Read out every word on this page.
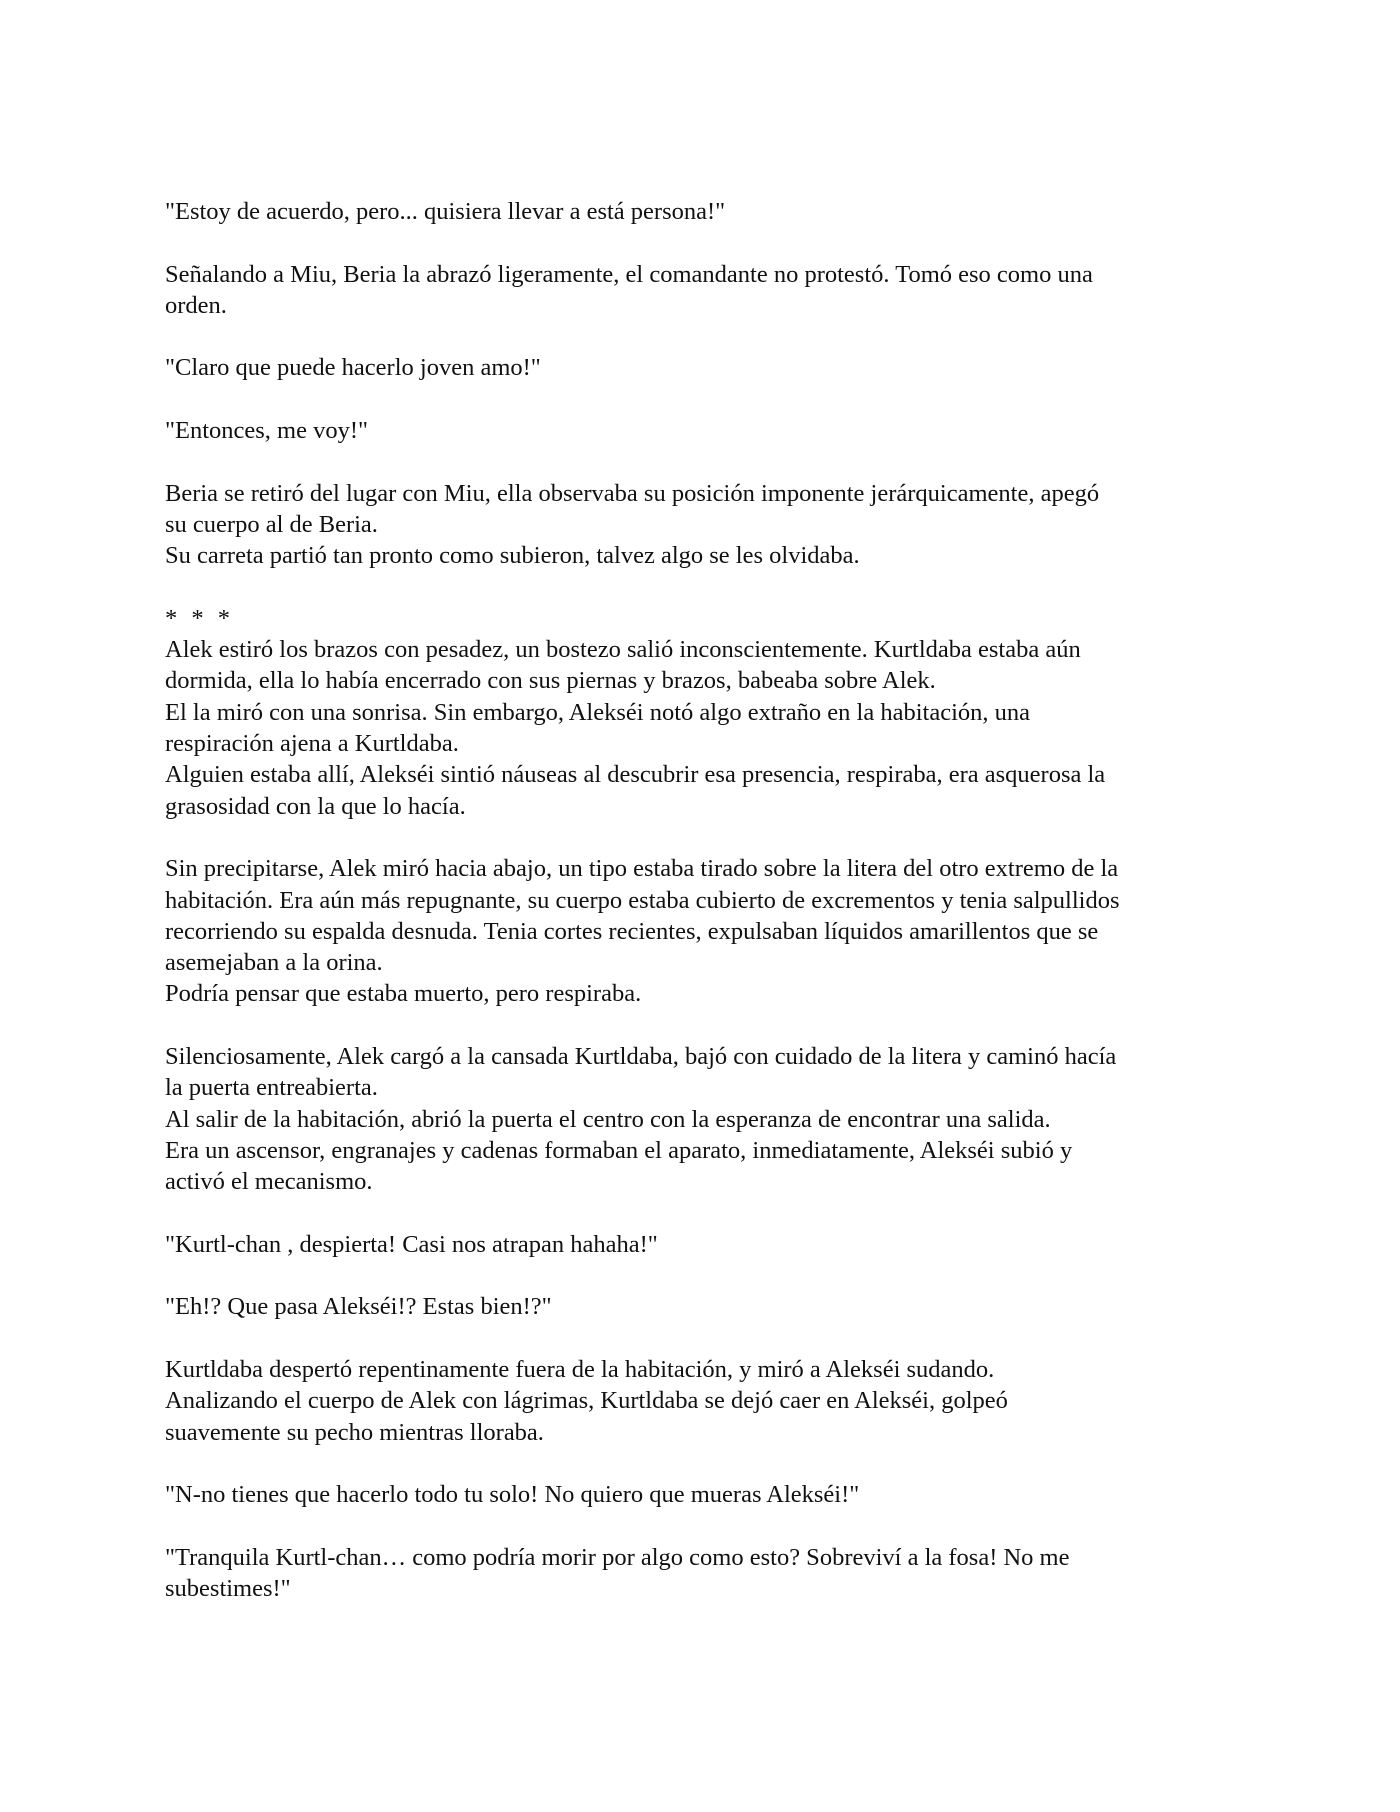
"Estoy de acuerdo, pero... quisiera llevar a está persona!"

Señalando a Miu, Beria la abrazó ligeramente, el comandante no protestó. Tomó eso como una

orden.

"Claro que puede hacerlo joven amo!"

"Entonces, me voy!"

Beria se retiró del lugar con Miu, ella observaba su posición imponente jerárquicamente, apegó

su cuerpo al de Beria.

Su carreta partió tan pronto como subieron, talvez algo se les olvidaba.

* * *

Alek estiró los brazos con pesadez, un bostezo salió inconscientemente. Kurtldaba estaba aún

dormida, ella lo había encerrado con sus piernas y brazos, babeaba sobre Alek.

El la miró con una sonrisa. Sin embargo, Alekséi notó algo extraño en la habitación, una

respiración ajena a Kurtldaba.

Alguien estaba allí, Alekséi sintió náuseas al descubrir esa presencia, respiraba, era asquerosa la

grasosidad con la que lo hacía.

Sin precipitarse, Alek miró hacia abajo, un tipo estaba tirado sobre la litera del otro extremo de la

habitación. Era aún más repugnante, su cuerpo estaba cubierto de excrementos y tenia salpullidos

recorriendo su espalda desnuda. Tenia cortes recientes, expulsaban líquidos amarillentos que se

asemejaban a la orina.

Podría pensar que estaba muerto, pero respiraba.

Silenciosamente, Alek cargó a la cansada Kurtldaba, bajó con cuidado de la litera y caminó hacía

la puerta entreabierta.

Al salir de la habitación, abrió la puerta el centro con la esperanza de encontrar una salida.

Era un ascensor, engranajes y cadenas formaban el aparato, inmediatamente, Alekséi subió y

activó el mecanismo.

"Kurtl-chan , despierta! Casi nos atrapan hahaha!"

"Eh!? Que pasa Alekséi!? Estas bien!?"

Kurtldaba despertó repentinamente fuera de la habitación, y miró a Alekséi sudando.

Analizando el cuerpo de Alek con lágrimas, Kurtldaba se dejó caer en Alekséi, golpeó

suavemente su pecho mientras lloraba.

"N-no tienes que hacerlo todo tu solo! No quiero que mueras Alekséi!"

"Tranquila Kurtl-chan… como podría morir por algo como esto? Sobreviví a la fosa! No me

subestimes!"
